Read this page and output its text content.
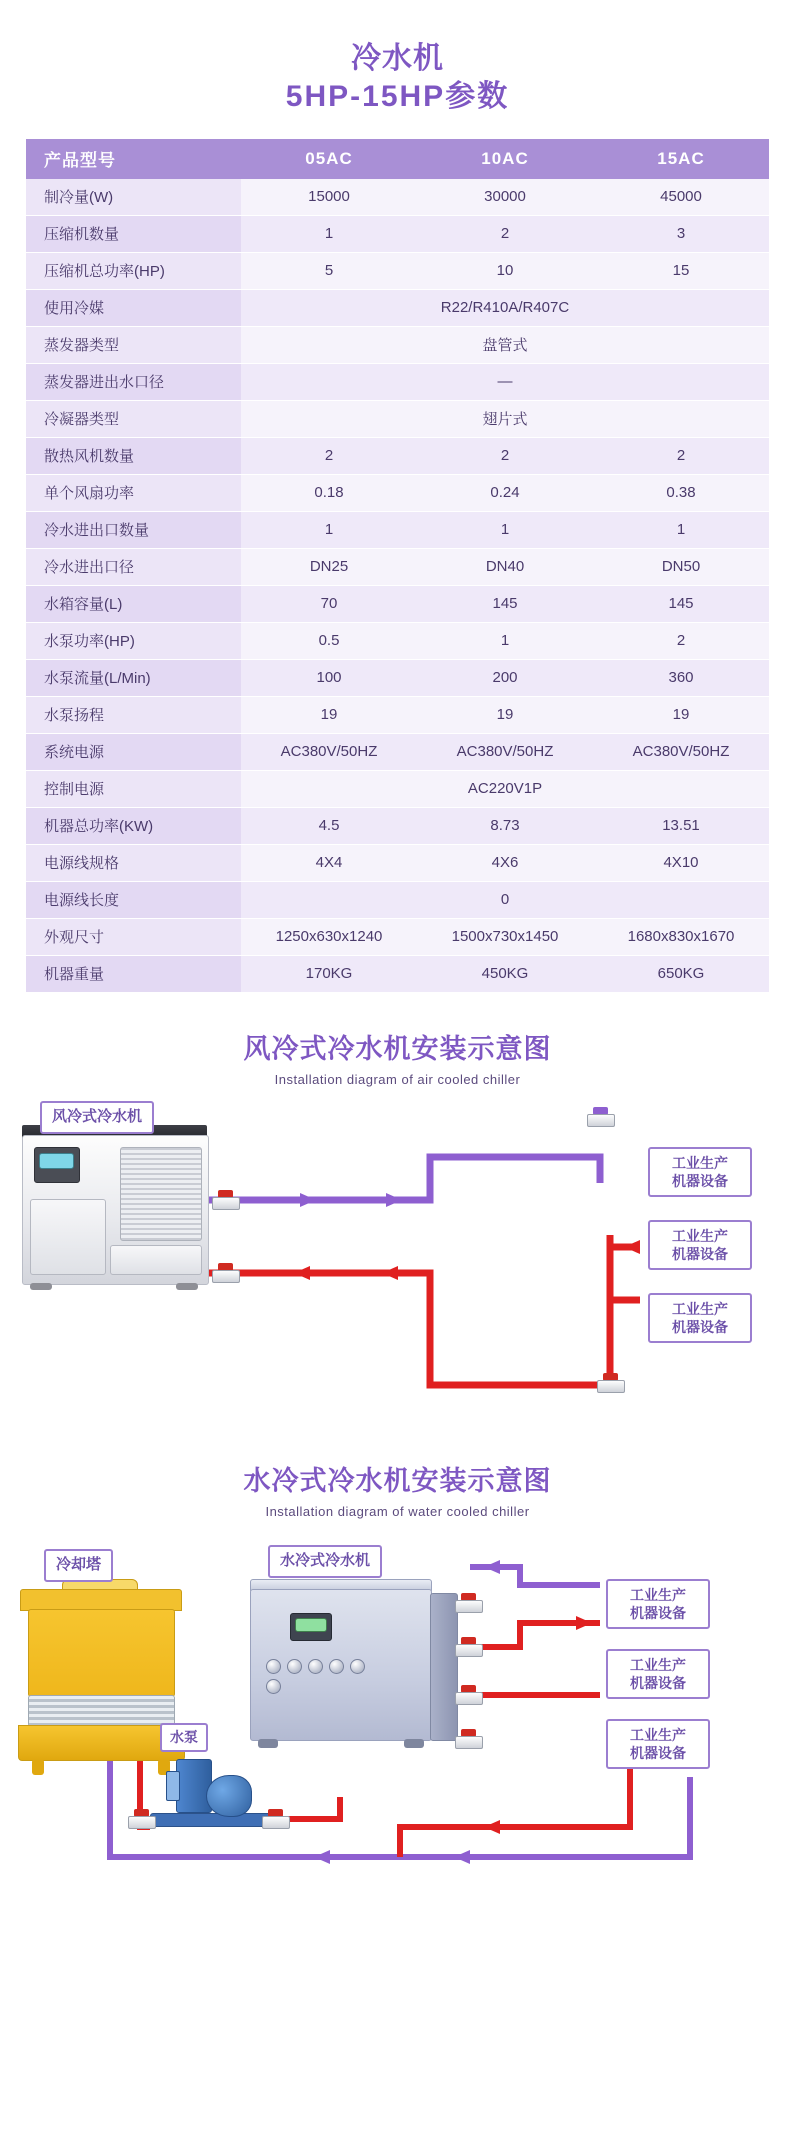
冷水机
5HP-15HP参数
产品型号	05AC	10AC	15AC
制冷量(W)	15000	30000	45000
压缩机数量	1	2	3
压缩机总功率(HP)	5	10	15
使用冷媒	R22/R410A/R407C		
蒸发器类型	盘管式		
蒸发器进出水口径	—		
冷凝器类型	翅片式		
散热风机数量	2	2	2
单个风扇功率	0.18	0.24	0.38
冷水进出口数量	1	1	1
冷水进出口径	DN25	DN40	DN50
水箱容量(L)	70	145	145
水泵功率(HP)	0.5	1	2
水泵流量(L/Min)	100	200	360
水泵扬程	19	19	19
系统电源	AC380V/50HZ	AC380V/50HZ	AC380V/50HZ
控制电源	AC220V1P		
机器总功率(KW)	4.5	8.73	13.51
电源线规格	4X4	4X6	4X10
电源线长度	0		
外观尺寸	1250x630x1240	1500x730x1450	1680x830x1670
机器重量	170KG	450KG	650KG
风冷式冷水机安装示意图
Installation diagram of air cooled chiller
风冷式冷水机
工业生产
机器设备
工业生产
机器设备
工业生产
机器设备
水冷式冷水机安装示意图
Installation diagram of water cooled chiller
冷却塔	水冷式冷水机
水泵
工业生产
机器设备
工业生产
机器设备
工业生产
机器设备
